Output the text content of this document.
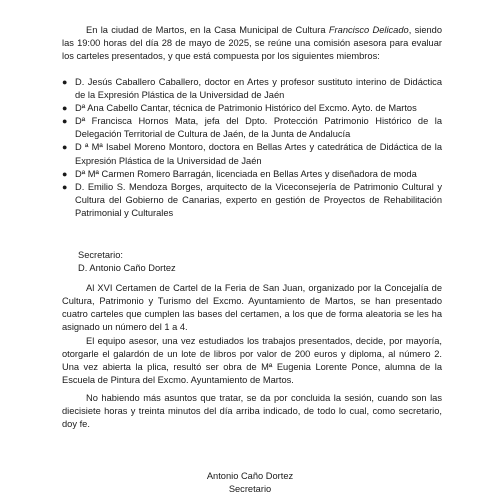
En la ciudad de Martos, en la Casa Municipal de Cultura Francisco Delicado, siendo las 19:00 horas del día 28 de mayo de 2025, se reúne una comisión asesora para evaluar los carteles presentados, y que está compuesta por los siguientes miembros:

● D. Jesús Caballero Caballero, doctor en Artes y profesor sustituto interino de Didáctica de la Expresión Plástica de la Universidad de Jaén
● Dª Ana Cabello Cantar, técnica de Patrimonio Histórico del Excmo. Ayto. de Martos
● Dª Francisca Hornos Mata, jefa del Dpto. Protección Patrimonio Histórico de la Delegación Territorial de Cultura de Jaén, de la Junta de Andalucía
● D ª Mª Isabel Moreno Montoro, doctora en Bellas Artes y catedrática de Didáctica de la Expresión Plástica de la Universidad de Jaén
● Dª Mª Carmen Romero Barragán, licenciada en Bellas Artes y diseñadora de moda
● D. Emilio S. Mendoza Borges, arquitecto de la Viceconsejería de Patrimonio Cultural y Cultura del Gobierno de Canarias, experto en gestión de Proyectos de Rehabilitación Patrimonial y Culturales
Secretario:
D. Antonio Caño Dortez

Al XVI Certamen de Cartel de la Feria de San Juan, organizado por la Concejalía de Cultura, Patrimonio y Turismo del Excmo. Ayuntamiento de Martos, se han presentado cuatro carteles que cumplen las bases del certamen, a los que de forma aleatoria se les ha asignado un número del 1 a 4.

El equipo asesor, una vez estudiados los trabajos presentados, decide, por mayoría, otorgarle el galardón de un lote de libros por valor de 200 euros y diploma, al número 2. Una vez abierta la plica, resultó ser obra de Mª Eugenia Lorente Ponce, alumna de la Escuela de Pintura del Excmo. Ayuntamiento de Martos.

No habiendo más asuntos que tratar, se da por concluida la sesión, cuando son las diecisiete horas y treinta minutos del día arriba indicado, de todo lo cual, como secretario, doy fe.

Antonio Caño Dortez
Secretario
